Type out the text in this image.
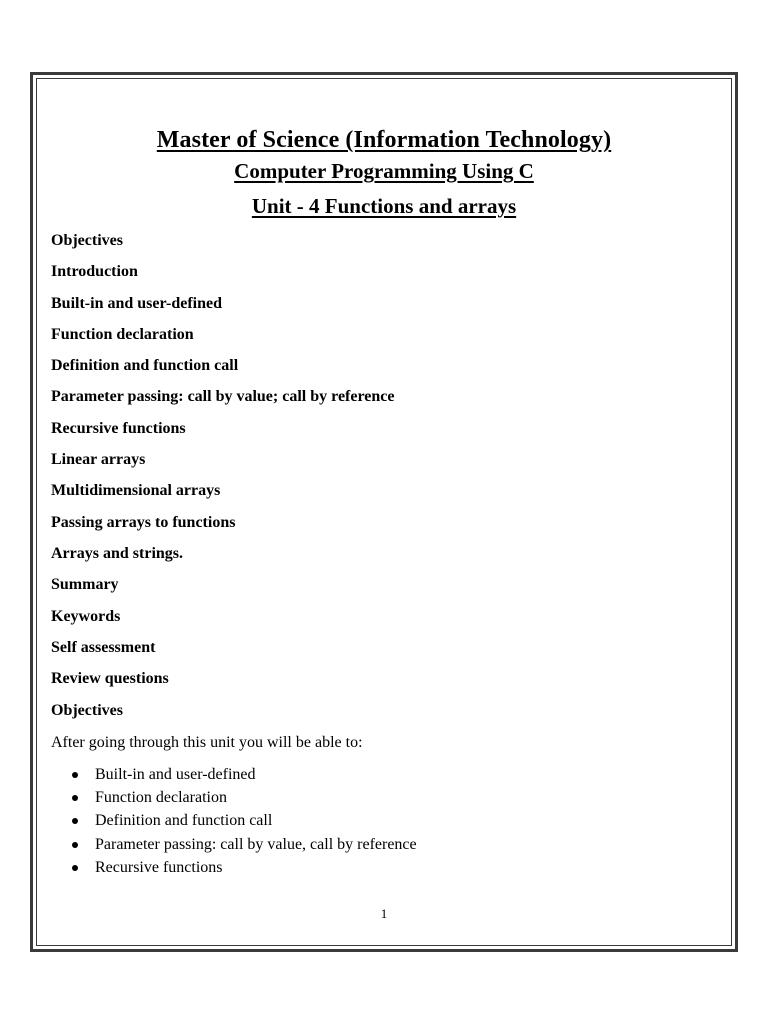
Master of Science (Information Technology)
Computer Programming Using C
Unit - 4 Functions and arrays
Objectives
Introduction
Built-in and user-defined
Function declaration
Definition and function call
Parameter passing: call by value; call by reference
Recursive functions
Linear arrays
Multidimensional arrays
Passing arrays to functions
Arrays and strings.
Summary
Keywords
Self assessment
Review questions
Objectives
After going through this unit you will be able to:
Built-in and user-defined
Function declaration
Definition and function call
Parameter passing: call by value, call by reference
Recursive functions
1
